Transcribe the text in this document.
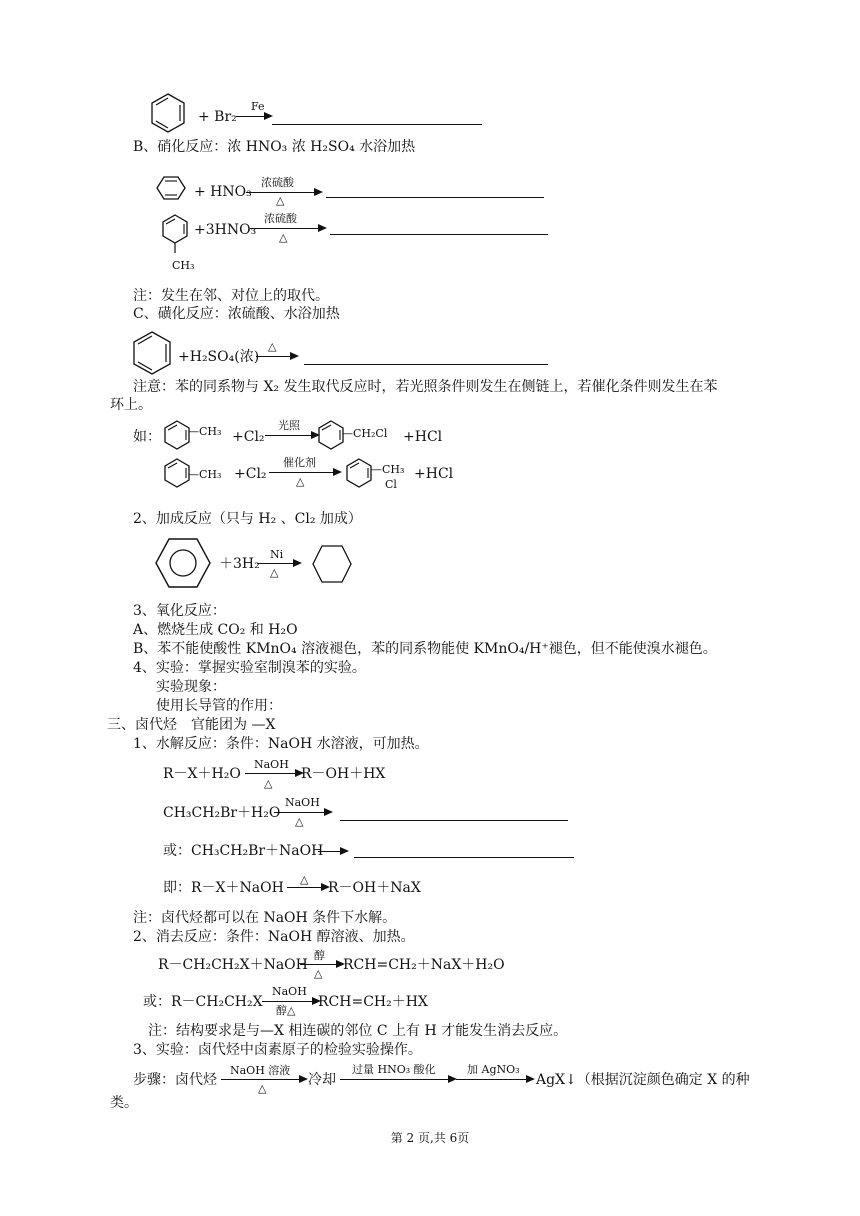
+ Br₂
Fe
B、硝化反应：浓 HNO₃ 浓 H₂SO₄ 水浴加热
+ HNO₃
浓硫酸
△
CH₃
+3HNO₃
浓硫酸
△
注：发生在邻、对位上的取代。
C、磺化反应：浓硫酸、水浴加热
+H₂SO₄(浓)
△
注意：苯的同系物与 X₂ 发生取代反应时，若光照条件则发生在侧链上，若催化条件则发生在苯
环上。
如： —CH₃ +Cl₂
光照
—CH₂Cl +HCl
—CH₃ +Cl₂
催化剂
△
—CH₃
Cl
+HCl
2、加成反应（只与 H₂ 、Cl₂ 加成）
＋3H₂
Ni
△
3、氧化反应：
A、燃烧生成 CO₂ 和 H₂O
B、苯不能使酸性 KMnO₄ 溶液褪色，苯的同系物能使 KMnO₄/H⁺褪色，但不能使溴水褪色。
4、实验：掌握实验室制溴苯的实验。
实验现象：
使用长导管的作用：
三、卤代烃　官能团为 —X
1、水解反应：条件：NaOH 水溶液，可加热。
R－X＋H₂O
NaOH
△
R－OH＋HX
CH₃CH₂Br＋H₂O
NaOH
△
或：CH₃CH₂Br＋NaOH
即：R－X＋NaOH
△
R－OH＋NaX
注：卤代烃都可以在 NaOH 条件下水解。
2、消去反应：条件：NaOH 醇溶液、加热。
R－CH₂CH₂X＋NaOH
醇
△
RCH=CH₂＋NaX＋H₂O
或：R－CH₂CH₂X
NaOH
醇△
RCH=CH₂＋HX
注：结构要求是与—X 相连碳的邻位 C 上有 H 才能发生消去反应。
3、实验：卤代烃中卤素原子的检验实验操作。
步骤：卤代烃
NaOH 溶液
△
冷却
过量 HNO₃ 酸化	加 AgNO₃
AgX↓（根据沉淀颜色确定 X 的种
类。
第 2 页,共 6页
